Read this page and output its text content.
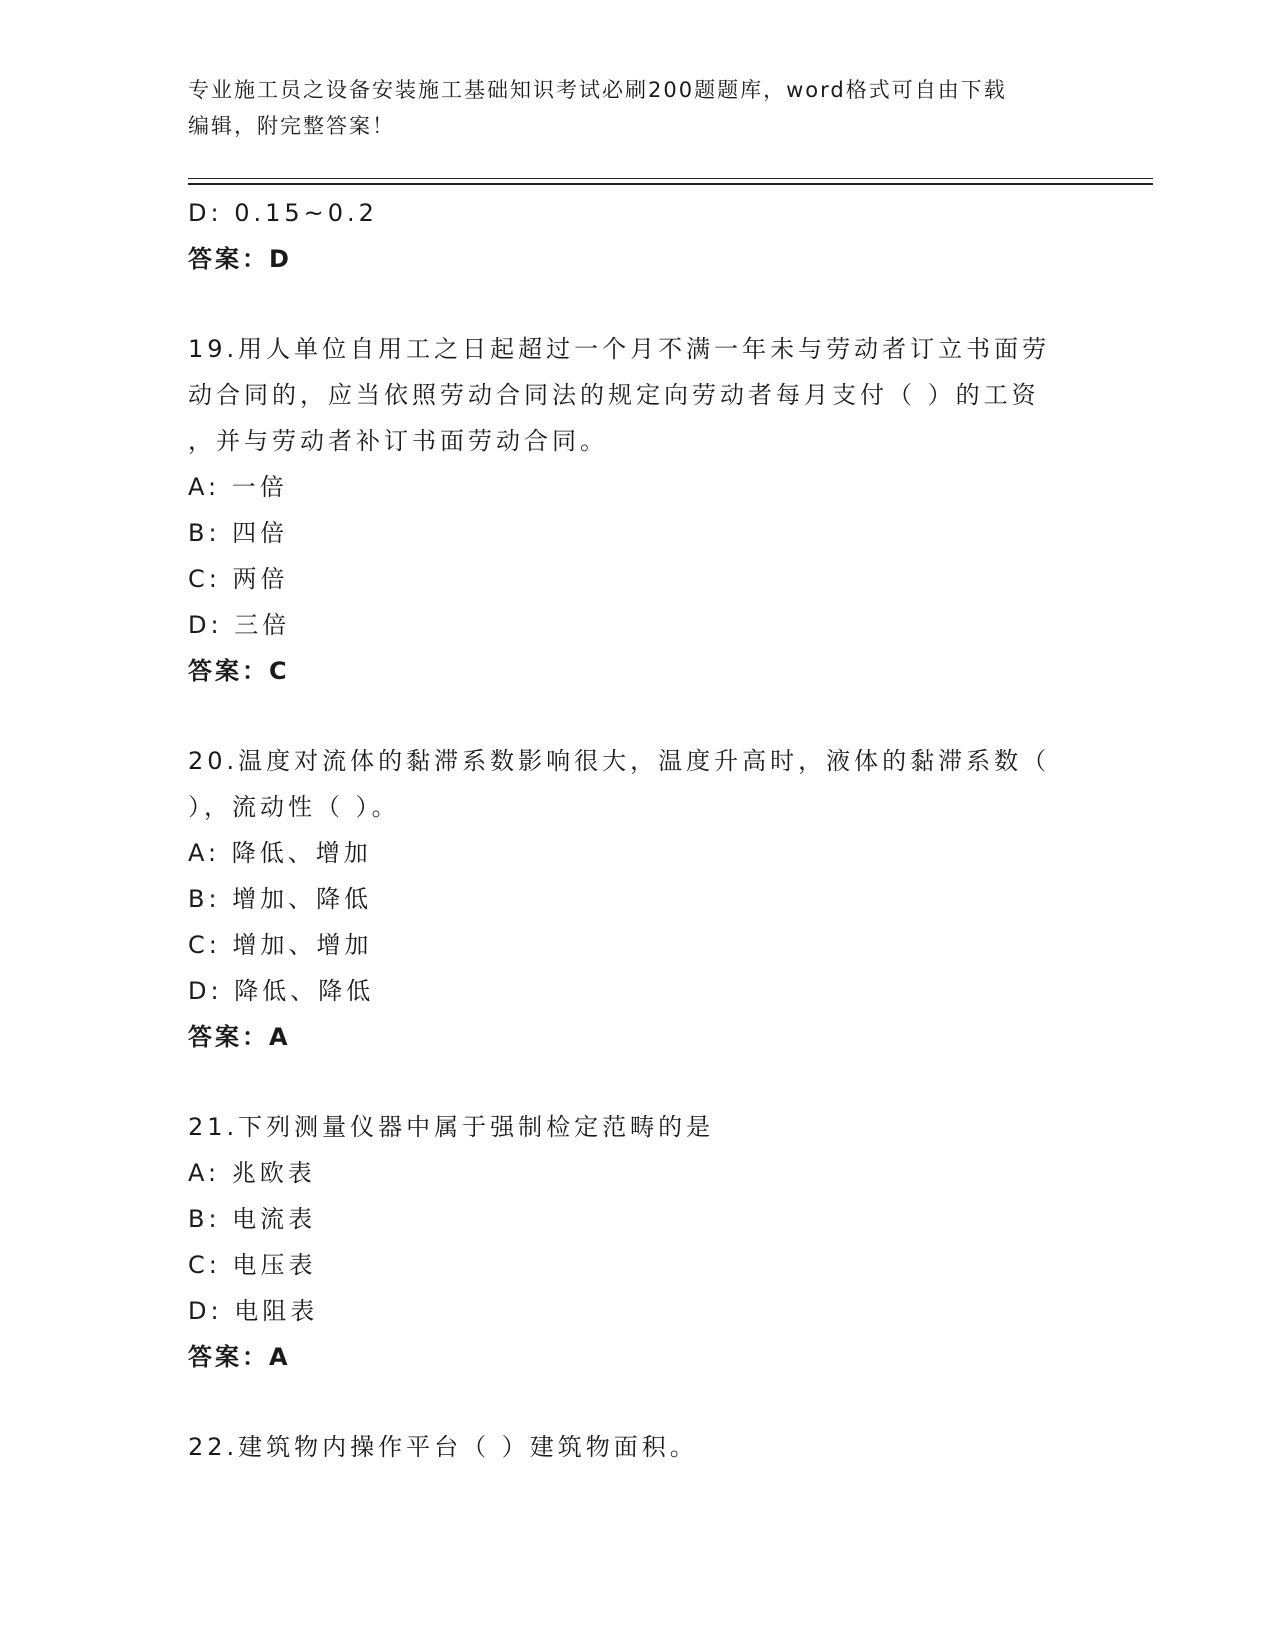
专业施工员之设备安装施工基础知识考试必刷200题题库，word格式可自由下载
编辑，附完整答案！
D: 0.15~0.2
答案：D
19.用人单位自用工之日起超过一个月不满一年未与劳动者订立书面劳
动合同的，应当依照劳动合同法的规定向劳动者每月支付（ ）的工资
，并与劳动者补订书面劳动合同。
A: 一倍
B: 四倍
C: 两倍
D: 三倍
答案：C
20.温度对流体的黏滞系数影响很大，温度升高时，液体的黏滞系数（
），流动性（ ）。
A: 降低、增加
B: 增加、降低
C: 增加、增加
D: 降低、降低
答案：A
21.下列测量仪器中属于强制检定范畴的是
A: 兆欧表
B: 电流表
C: 电压表
D: 电阻表
答案：A
22.建筑物内操作平台（ ）建筑物面积。
